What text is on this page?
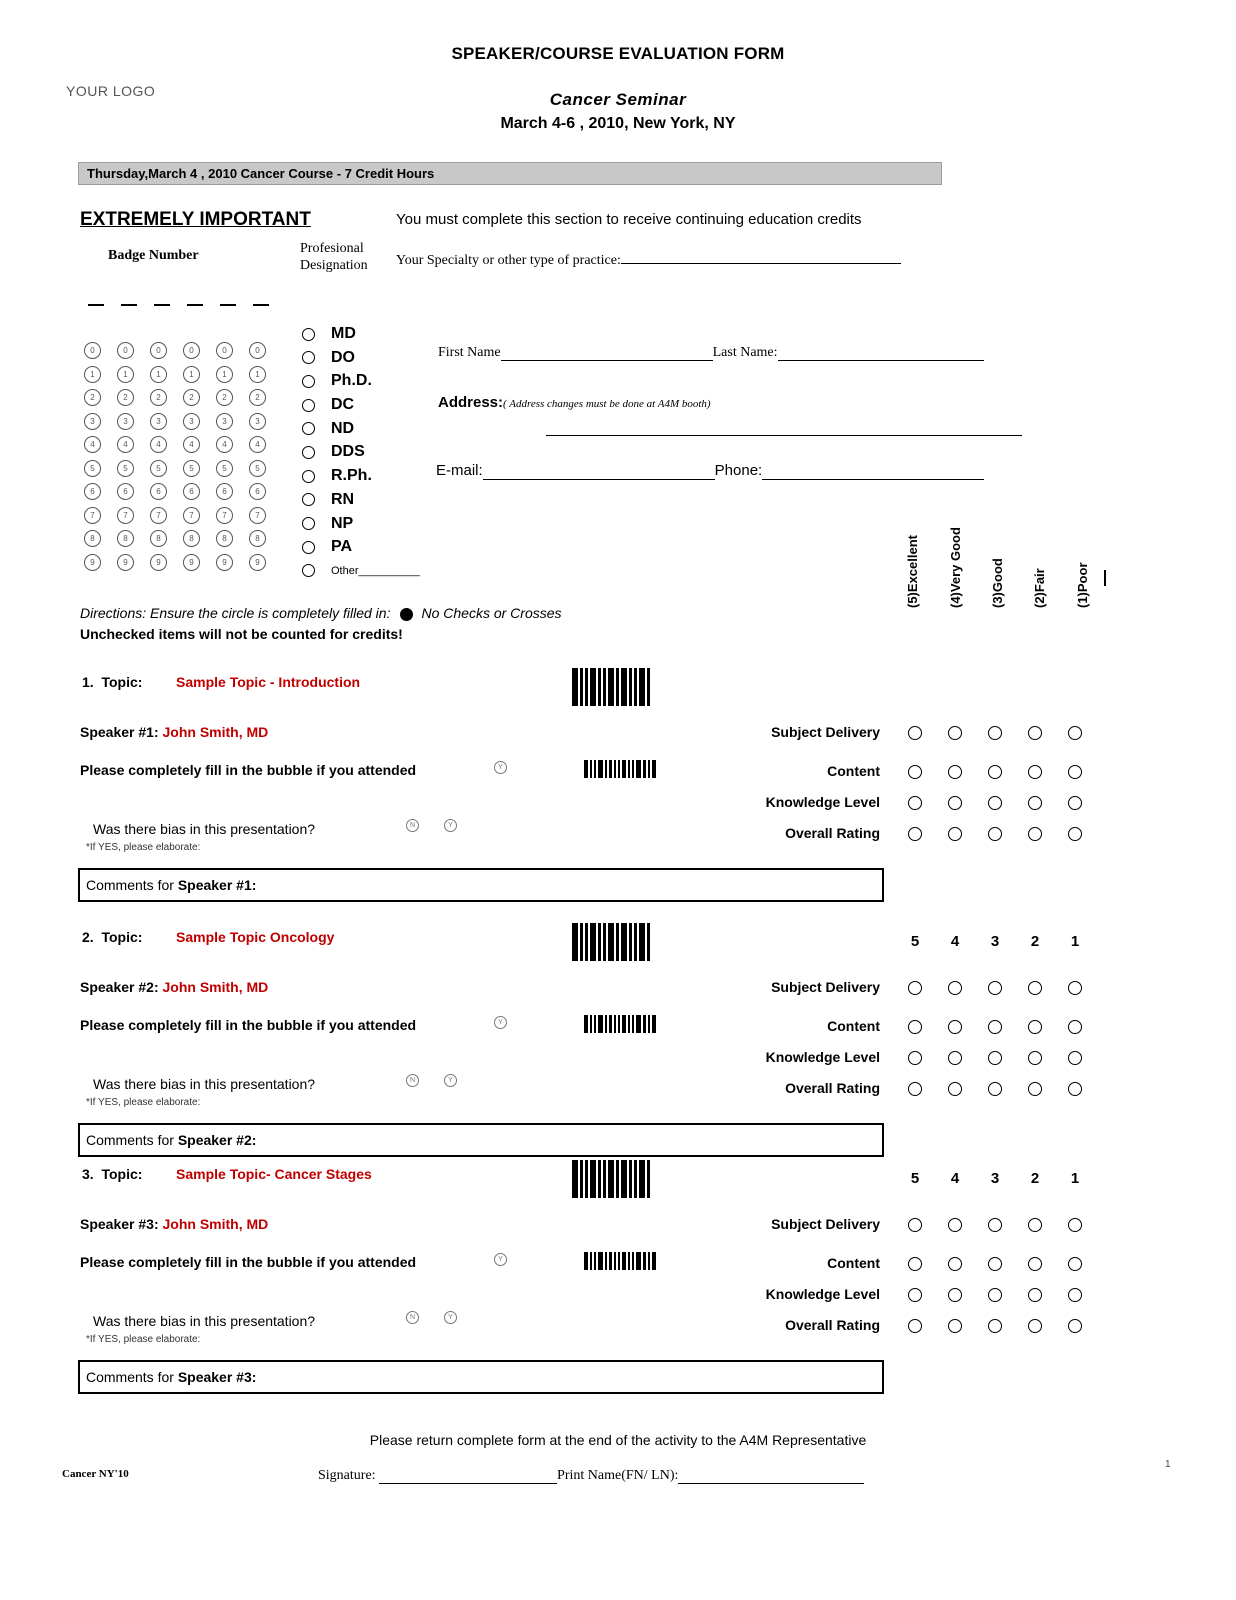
SPEAKER/COURSE EVALUATION FORM
YOUR LOGO	Cancer Seminar
March 4-6 , 2010, New York, NY
Thursday,March 4 , 2010 Cancer Course - 7 Credit Hours
EXTREMELY IMPORTANT	You must complete this section to receive continuing education credits
Badge Number	Profesional
Designation	Your Specialty or other type of practice:
0	0	0	0	0	0
1	1	1	1	1	1
2	2	2	2	2	2
3	3	3	3	3	3
4	4	4	4	4	4
5	5	5	5	5	5
6	6	6	6	6	6
7	7	7	7	7	7
8	8	8	8	8	8
9	9	9	9	9	9
MD
DO
Ph.D.
DC
ND
DDS
R.Ph.
RN
NP
PA
Other__________
First Name	Last Name:
Address:( Address changes must be done at A4M booth)
E-mail:	Phone:
Directions: Ensure the circle is completely filled in: No Checks or Crosses
Unchecked items will not be counted for credits!
(5)Excellent (4)Very Good (3)Good (2)Fair (1)Poor
1.  Topic: Sample Topic - Introduction
Speaker #1: John Smith, MD
Please completely fill in the bubble if you attended	Y
Was there bias in this presentation?
*If YES, please elaborate:
N	Y
Subject Delivery
Content
Knowledge Level
Overall Rating
Comments for Speaker #1:
2.  Topic: Sample Topic Oncology
Speaker #2: John Smith, MD
Please completely fill in the bubble if you attended	Y
Was there bias in this presentation?
*If YES, please elaborate:
N	Y
5 4 3 2 1
Subject Delivery
Content
Knowledge Level
Overall Rating
Comments for Speaker #2:
3.  Topic: Sample Topic- Cancer Stages
Speaker #3: John Smith, MD
Please completely fill in the bubble if you attended	Y
Was there bias in this presentation?
*If YES, please elaborate:
N	Y
5 4 3 2 1
Subject Delivery
Content
Knowledge Level
Overall Rating
Comments for Speaker #3:
Please return complete form at the end of the activity to the A4M Representative
Cancer NY'10	Signature:	Print Name(FN/ LN):
1
